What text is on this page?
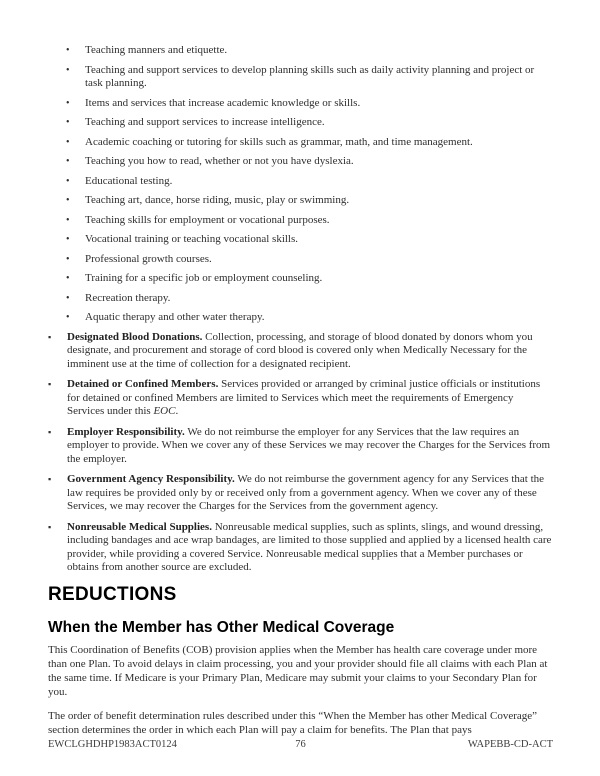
•	Teaching manners and etiquette.
•	Teaching and support services to develop planning skills such as daily activity planning and project or task planning.
•	Items and services that increase academic knowledge or skills.
•	Teaching and support services to increase intelligence.
•	Academic coaching or tutoring for skills such as grammar, math, and time management.
•	Teaching you how to read, whether or not you have dyslexia.
•	Educational testing.
•	Teaching art, dance, horse riding, music, play or swimming.
•	Teaching skills for employment or vocational purposes.
•	Vocational training or teaching vocational skills.
•	Professional growth courses.
•	Training for a specific job or employment counseling.
•	Recreation therapy.
•	Aquatic therapy and other water therapy.
▪	Designated Blood Donations. Collection, processing, and storage of blood donated by donors whom you designate, and procurement and storage of cord blood is covered only when Medically Necessary for the imminent use at the time of collection for a designated recipient.
▪	Detained or Confined Members. Services provided or arranged by criminal justice officials or institutions for detained or confined Members are limited to Services which meet the requirements of Emergency Services under this EOC.
▪	Employer Responsibility. We do not reimburse the employer for any Services that the law requires an employer to provide. When we cover any of these Services we may recover the Charges for the Services from the employer.
▪	Government Agency Responsibility. We do not reimburse the government agency for any Services that the law requires be provided only by or received only from a government agency. When we cover any of these Services, we may recover the Charges for the Services from the government agency.
▪	Nonreusable Medical Supplies. Nonreusable medical supplies, such as splints, slings, and wound dressing, including bandages and ace wrap bandages, are limited to those supplied and applied by a licensed health care provider, while providing a covered Service. Nonreusable medical supplies that a Member purchases or obtains from another source are excluded.
REDUCTIONS
When the Member has Other Medical Coverage

This Coordination of Benefits (COB) provision applies when the Member has health care coverage under more than one Plan. To avoid delays in claim processing, you and your provider should file all claims with each Plan at the same time. If Medicare is your Primary Plan, Medicare may submit your claims to your Secondary Plan for you.

The order of benefit determination rules described under this “When the Member has other Medical Coverage” section determines the order in which each Plan will pay a claim for benefits. The Plan that pays

EWCLGHDHP1983ACT0124	76	WAPEBB-CD-ACT
